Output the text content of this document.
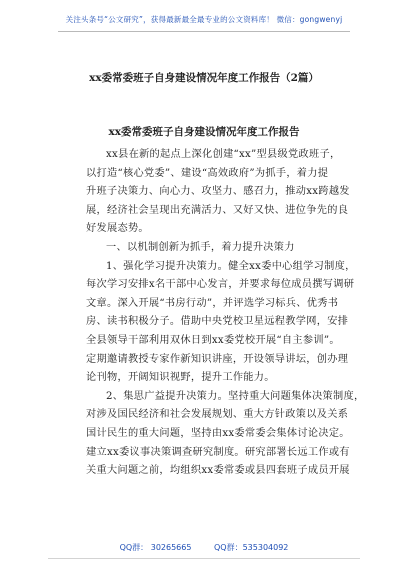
关注头条号“公文研究”，获得最新最全最专业的公文资料库！ 微信：gongwenyj
xx委常委班子自身建设情况年度工作报告（2篇）
xx委常委班子自身建设情况年度工作报告
xx县在新的起点上深化创建“xx”型县级党政班子，
以打造“核心党委”、建设“高效政府”为抓手，着力提
升班子决策力、向心力、攻坚力、感召力，推动xx跨越发
展，经济社会呈现出充满活力、又好又快、进位争先的良
好发展态势。
一、以机制创新为抓手，着力提升决策力
1、强化学习提升决策力。健全xx委中心组学习制度，
每次学习安排x名干部中心发言，并要求每位成员撰写调研
文章。深入开展“书房行动”，并评选学习标兵、优秀书
房、读书积极分子。借助中央党校卫星远程教学网，安排
全县领导干部利用双休日到xx委党校开展“自主参训”。
定期邀请教授专家作新知识讲座，开设领导讲坛，创办理
论刊物，开阔知识视野，提升工作能力。
2、集思广益提升决策力。坚持重大问题集体决策制度，
对涉及国民经济和社会发展规划、重大方针政策以及关系
国计民生的重大问题，坚持由xx委常委会集体讨论决定。
建立xx委议事决策调查研究制度。研究部署长远工作或有
关重大问题之前，均组织xx委常委或县四套班子成员开展
QQ群： 30265665	QQ群：535304092
